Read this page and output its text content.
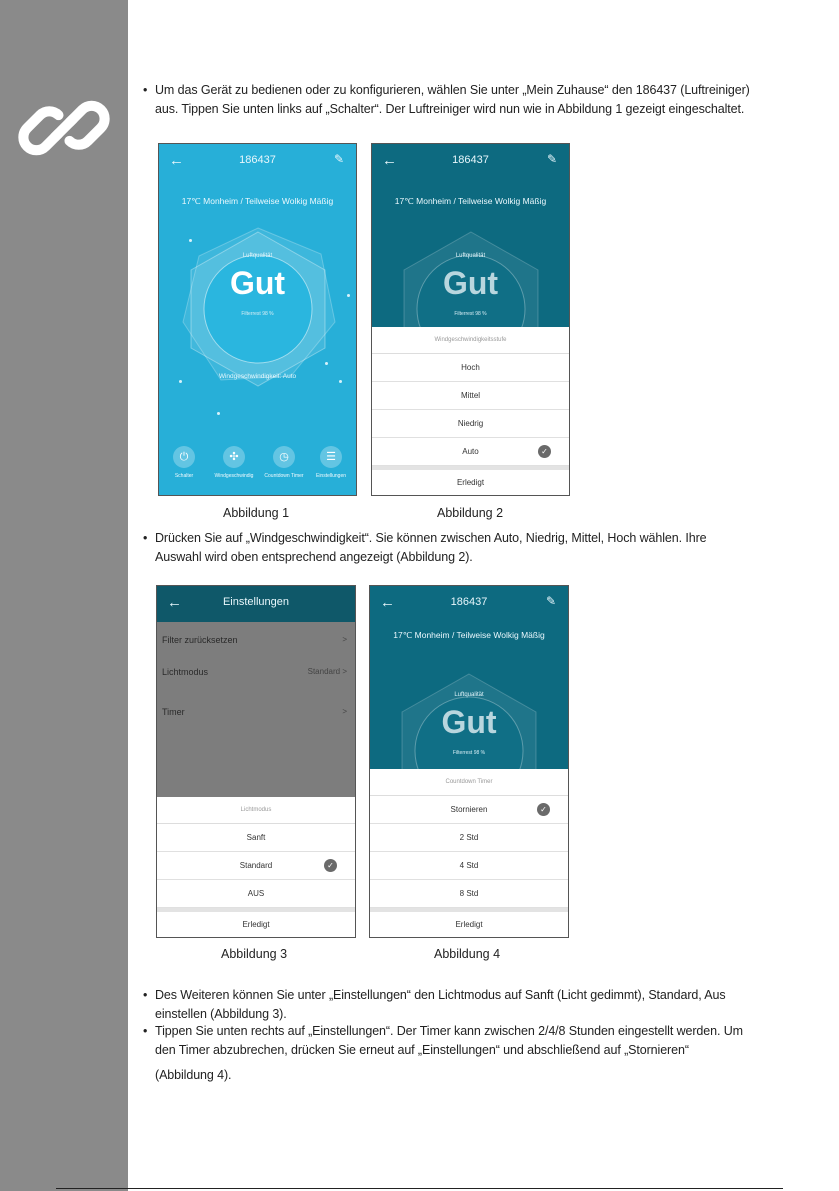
• Um das Gerät zu bedienen oder zu konfigurieren, wählen Sie unter „Mein Zuhause“ den 186437 (Luftreiniger)
aus. Tippen Sie unten links auf „Schalter“. Der Luftreiniger wird nun wie in Abbildung 1 gezeigt eingeschaltet.
←	186437	✎
17℃ Monheim / Teilweise Wolkig Mäßig
Luftqualität
Gut
Filterrest 98 %
Windgeschwindigkeit: Auto
⏻
Schalter
✣
Windgeschwindig
◷
Countdown Timer
☰
Einstellungen
←	186437	✎
17℃ Monheim / Teilweise Wolkig Mäßig
Luftqualität
Gut
Filterrest 98 %
Windgeschwindigkeitsstufe
Hoch
Mittel
Niedrig
Auto	✓
Erledigt
Abbildung 1	Abbildung 2
• Drücken Sie auf „Windgeschwindigkeit“. Sie können zwischen Auto, Niedrig, Mittel, Hoch wählen. Ihre
Auswahl wird oben entsprechend angezeigt (Abbildung 2).
←	Einstellungen
Filter zurücksetzen	>
Lichtmodus	Standard >
Timer	>
Lichtmodus
Sanft
Standard	✓
AUS
Erledigt
←	186437	✎
17℃ Monheim / Teilweise Wolkig Mäßig
Luftqualität
Gut
Filterrest 98 %
Countdown Timer
Stornieren	✓
2 Std
4 Std
8 Std
Erledigt
Abbildung 3	Abbildung 4
• Des Weiteren können Sie unter „Einstellungen“ den Lichtmodus auf Sanft (Licht gedimmt), Standard, Aus
einstellen (Abbildung 3).
• Tippen Sie unten rechts auf „Einstellungen“. Der Timer kann zwischen 2/4/8 Stunden eingestellt werden. Um
den Timer abzubrechen, drücken Sie erneut auf „Einstellungen“ und abschließend auf „Stornieren“
(Abbildung 4).
